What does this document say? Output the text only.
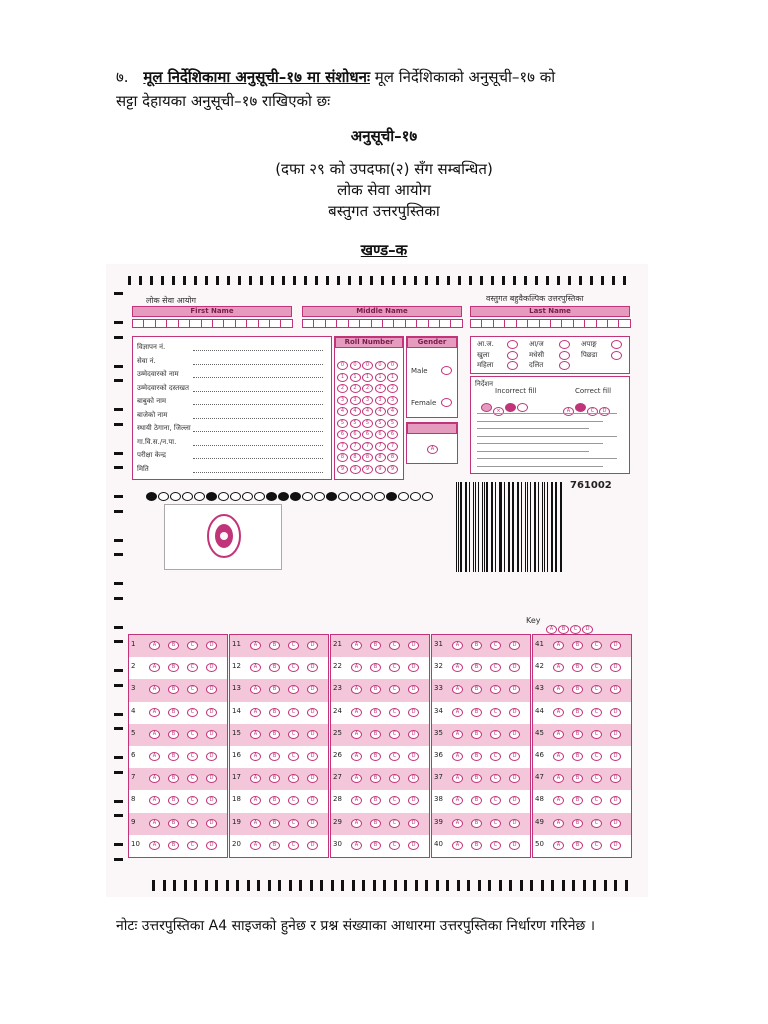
७. मूल निर्देशिकामा अनुसूची–१७ मा संशोधनः मूल निर्देशिकाको अनुसूची–१७ को
सट्टा देहायका अनुसूची–१७ राखिएको छः
अनुसूची–१७
(दफा २९ को उपदफा(२) सँग सम्बन्धित)
लोक सेवा आयोग
बस्तुगत उत्तरपुस्तिका
खण्ड–क
लोक सेवा आयोग	वस्तुगत बहुवैकल्पिक उत्तरपुस्तिका
First Name	Middle Name	Last Name
विज्ञापन नं.
सेवा नं.
उम्मेदवारको नाम
उम्मेदवारको दस्तखत
बाबुको नाम
बाजेको नाम
स्थायी ठेगाना, जिल्ला
गा.वि.स./न.पा.
परीक्षा केन्द्र
मिति
Roll Number
0	0	0	0	0
1	1	1	1	1
2	2	2	2	2
3	3	3	3	3
4	4	4	4	4
5	5	5	5	5
6	6	6	6	6
7	7	7	7	7
8	8	8	8	8
9	9	9	9	9
Gender
Male
Female
A
आ.ज.
खुला
महिला
आ/ज
मधेसी
दलित
अपाङ्ग
पिछडा
निर्देशन
Incorrect fill	Correct fill
×	A	C D
761002
Key
A B C D
1	A	B	C	D
2	A	B	C	D
3	A	B	C	D
4	A	B	C	D
5	A	B	C	D
6	A	B	C	D
7	A	B	C	D
8	A	B	C	D
9	A	B	C	D
10	A	B	C	D
11	A	B	C	D
12	A	B	C	D
13	A	B	C	D
14	A	B	C	D
15	A	B	C	D
16	A	B	C	D
17	A	B	C	D
18	A	B	C	D
19	A	B	C	D
20	A	B	C	D
21	A	B	C	D
22	A	B	C	D
23	A	B	C	D
24	A	B	C	D
25	A	B	C	D
26	A	B	C	D
27	A	B	C	D
28	A	B	C	D
29	A	B	C	D
30	A	B	C	D
31	A	B	C	D
32	A	B	C	D
33	A	B	C	D
34	A	B	C	D
35	A	B	C	D
36	A	B	C	D
37	A	B	C	D
38	A	B	C	D
39	A	B	C	D
40	A	B	C	D
41	A	B	C	D
42	A	B	C	D
43	A	B	C	D
44	A	B	C	D
45	A	B	C	D
46	A	B	C	D
47	A	B	C	D
48	A	B	C	D
49	A	B	C	D
50	A	B	C	D
नोटः उत्तरपुस्तिका A4 साइजको हुनेछ र प्रश्न संख्याका आधारमा उत्तरपुस्तिका निर्धारण गरिनेछ ।
